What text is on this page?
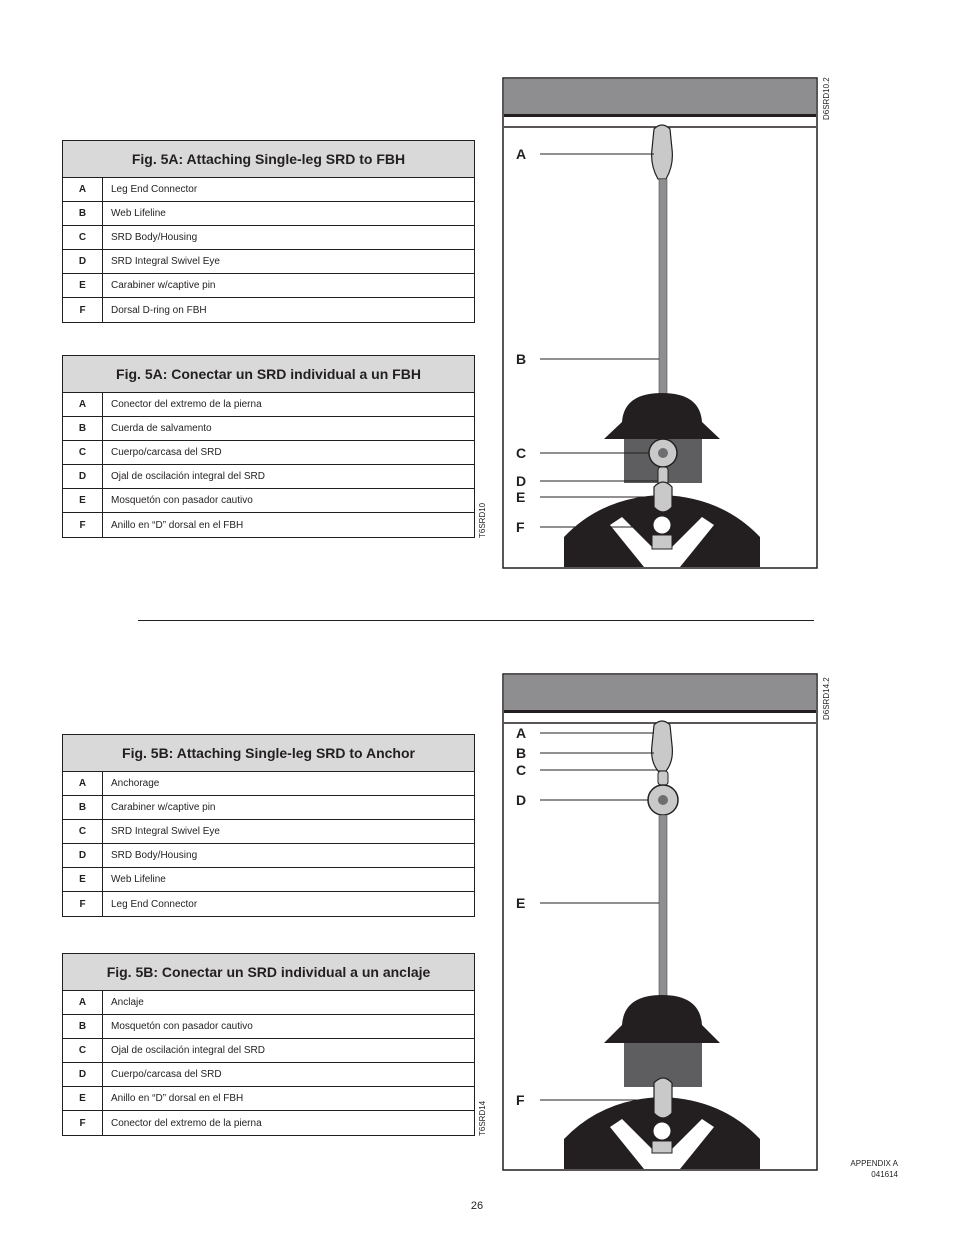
Fig. 5A: Attaching Single-leg SRD to FBH
A	Leg End Connector
B	Web Lifeline
C	SRD Body/Housing
D	SRD Integral Swivel Eye
E	Carabiner w/captive pin
F	Dorsal D-ring on FBH
Fig. 5A: Conectar un SRD individual a un FBH
A	Conector del extremo de la pierna
B	Cuerda de salvamento
C	Cuerpo/carcasa del SRD
D	Ojal de oscilación integral del SRD
E	Mosquetón con pasador cautivo
F	Anillo en “D” dorsal en el FBH	T6SRD10
A
B
C
D
E
F
D6SRD10.2
Fig. 5B: Attaching Single-leg SRD to Anchor
A	Anchorage
B	Carabiner w/captive pin
C	SRD Integral Swivel Eye
D	SRD Body/Housing
E	Web Lifeline
F	Leg End Connector
Fig. 5B: Conectar un SRD individual a un anclaje
A	Anclaje
B	Mosquetón con pasador cautivo
C	Ojal de oscilación integral del SRD
D	Cuerpo/carcasa del SRD
E	Anillo en “D” dorsal en el FBH
F	Conector del extremo de la pierna	T6SRD14
A
B
C
D
E
F
D6SRD14.2
APPENDIX A
041614
26
